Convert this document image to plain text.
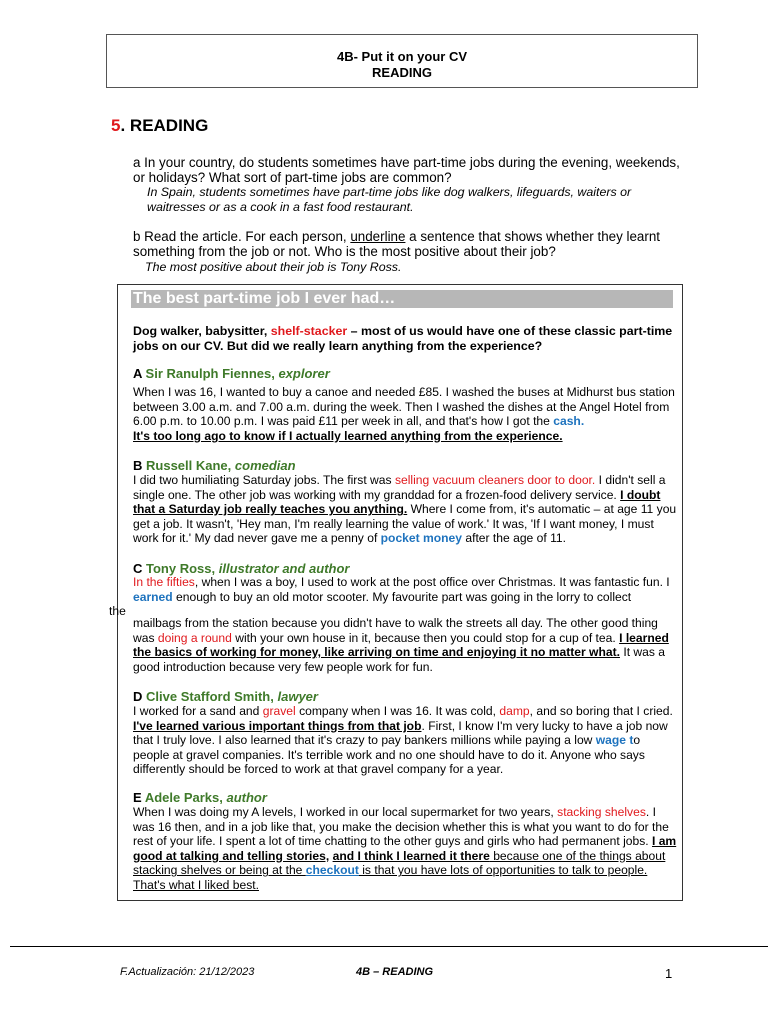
4B- Put it on your CV
READING
5. READING
a In your country, do students sometimes have part-time jobs during the evening, weekends, or holidays? What sort of part-time jobs are common?
In Spain, students sometimes have part-time jobs like dog walkers, lifeguards, waiters or waitresses or as a cook in a fast food restaurant.
b Read the article. For each person, underline a sentence that shows whether they learnt something from the job or not. Who is the most positive about their job?
The most positive about their job is Tony Ross.
The best part-time job I ever had…
Dog walker, babysitter, shelf-stacker – most of us would have one of these classic part-time jobs on our CV. But did we really learn anything from the experience?
A Sir Ranulph Fiennes, explorer
When I was 16, I wanted to buy a canoe and needed £85. I washed the buses at Midhurst bus station between 3.00 a.m. and 7.00 a.m. during the week. Then I washed the dishes at the Angel Hotel from 6.00 p.m. to 10.00 p.m. I was paid £11 per week in all, and that's how I got the cash.
It's too long ago to know if I actually learned anything from the experience.
B Russell Kane, comedian
I did two humiliating Saturday jobs. The first was selling vacuum cleaners door to door. I didn't sell a single one. The other job was working with my granddad for a frozen-food delivery service. I doubt that a Saturday job really teaches you anything. Where I come from, it's automatic – at age 11 you get a job. It wasn't, 'Hey man, I'm really learning the value of work.' It was, 'If I want money, I must work for it.' My dad never gave me a penny of pocket money after the age of 11.
C Tony Ross, illustrator and author
In the fifties, when I was a boy, I used to work at the post office over Christmas. It was fantastic fun. I earned enough to buy an old motor scooter. My favourite part was going in the lorry to collect
the
mailbags from the station because you didn't have to walk the streets all day. The other good thing was doing a round with your own house in it, because then you could stop for a cup of tea. I learned the basics of working for money, like arriving on time and enjoying it no matter what. It was a good introduction because very few people work for fun.
D Clive Stafford Smith, lawyer
I worked for a sand and gravel company when I was 16. It was cold, damp, and so boring that I cried. I've learned various important things from that job. First, I know I'm very lucky to have a job now that I truly love. I also learned that it's crazy to pay bankers millions while paying a low wage to people at gravel companies. It's terrible work and no one should have to do it. Anyone who says differently should be forced to work at that gravel company for a year.
E Adele Parks, author
When I was doing my A levels, I worked in our local supermarket for two years, stacking shelves. I was 16 then, and in a job like that, you make the decision whether this is what you want to do for the rest of your life. I spent a lot of time chatting to the other guys and girls who had permanent jobs. I am good at talking and telling stories, and I think I learned it there because one of the things about stacking shelves or being at the checkout is that you have lots of opportunities to talk to people. That's what I liked best.
F.Actualización: 21/12/2023	4B – READING	1
